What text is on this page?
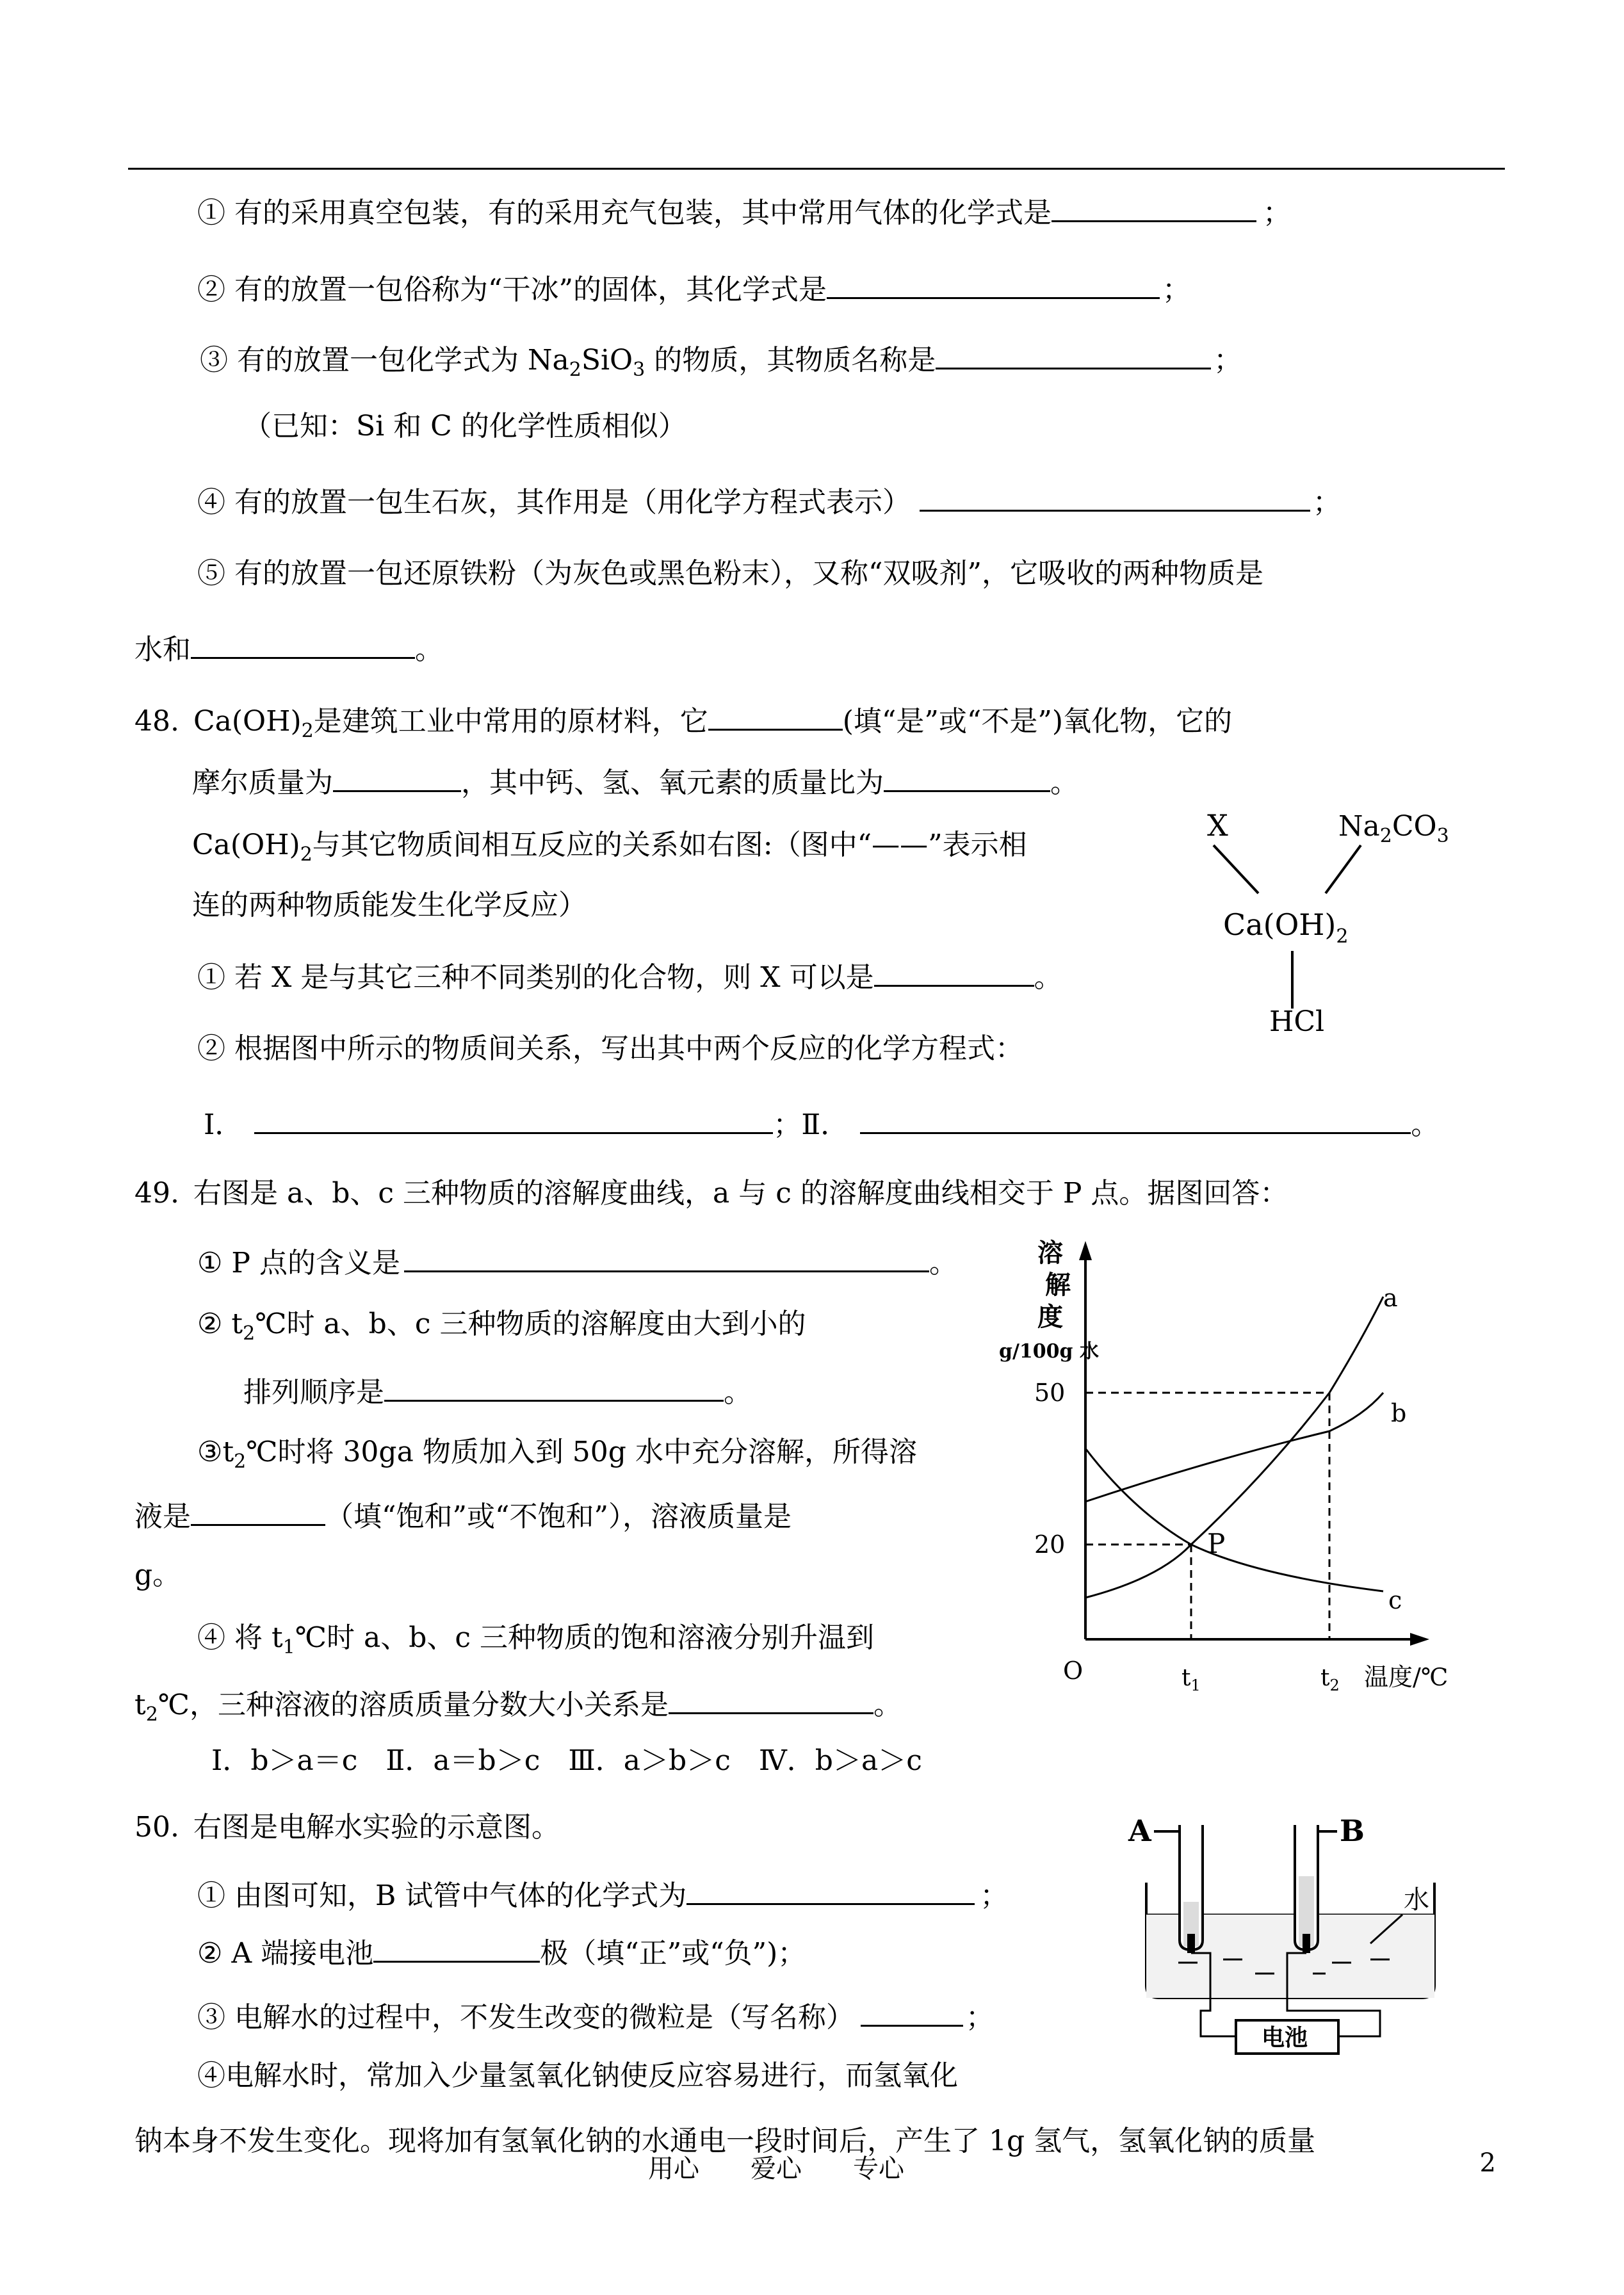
① 有的采用真空包装，有的采用充气包装，其中常用气体的化学式是	；
② 有的放置一包俗称为“干冰”的固体，其化学式是	；
③ 有的放置一包化学式为 $Na_2SiO_3$ 的物质，其物质名称是	；
（已知：Si 和 C 的化学性质相似）
④ 有的放置一包生石灰，其作用是（用化学方程式表示）	；
⑤ 有的放置一包还原铁粉（为灰色或黑色粉末），又称“双吸剂”，它吸收的两种物质是
水和	。
48. $Ca(OH)_2$是建筑工业中常用的原材料，它	(填“是”或“不是”)氧化物，它的
摩尔质量为	，其中钙、氢、氧元素的质量比为	。
$Ca(OH)_2$与其它物质间相互反应的关系如右图:（图中“——”表示相
连的两种物质能发生化学反应）
① 若 X 是与其它三种不同类别的化合物，则 X 可以是	。
② 根据图中所示的物质间关系，写出其中两个反应的化学方程式：
Ⅰ．	；Ⅱ．	。
X	$Na_2CO_3$
$Ca(OH)_2$
HCl
49. 右图是 a、b、c 三种物质的溶解度曲线，a 与 c 的溶解度曲线相交于 P 点。据图回答：
① P 点的含义是	。
② $t_2℃$时 a、b、c 三种物质的溶解度由大到小的
排列顺序是	。
$③t_2℃$时将 30ga 物质加入到 50g 水中充分溶解，所得溶
液是	（填“饱和”或“不饱和”），溶液质量是
g。
④ 将 $t_1℃$时 a、b、c 三种物质的饱和溶液分别升温到
$t_2℃$，三种溶液的溶质质量分数大小关系是	。
Ⅰ．b＞a＝c　Ⅱ．a＝b＞c　Ⅲ．a＞b＞c　Ⅳ．b＞a＞c
溶
解
度
g/100g 水
50
20
O	$t_1$	$t_2$ 温度/℃
a
b
c
P
50. 右图是电解水实验的示意图。
① 由图可知，B 试管中气体的化学式为	；
② A 端接电池	极（填“正”或“负”)；
③ 电解水的过程中，不发生改变的微粒是（写名称）	；
④电解水时，常加入少量氢氧化钠使反应容易进行，而氢氧化
钠本身不发生变化。现将加有氢氧化钠的水通电一段时间后，产生了 1g 氢气，氢氧化钠的质量
电池
A	B
水
用心　　爱心　　专心	2
